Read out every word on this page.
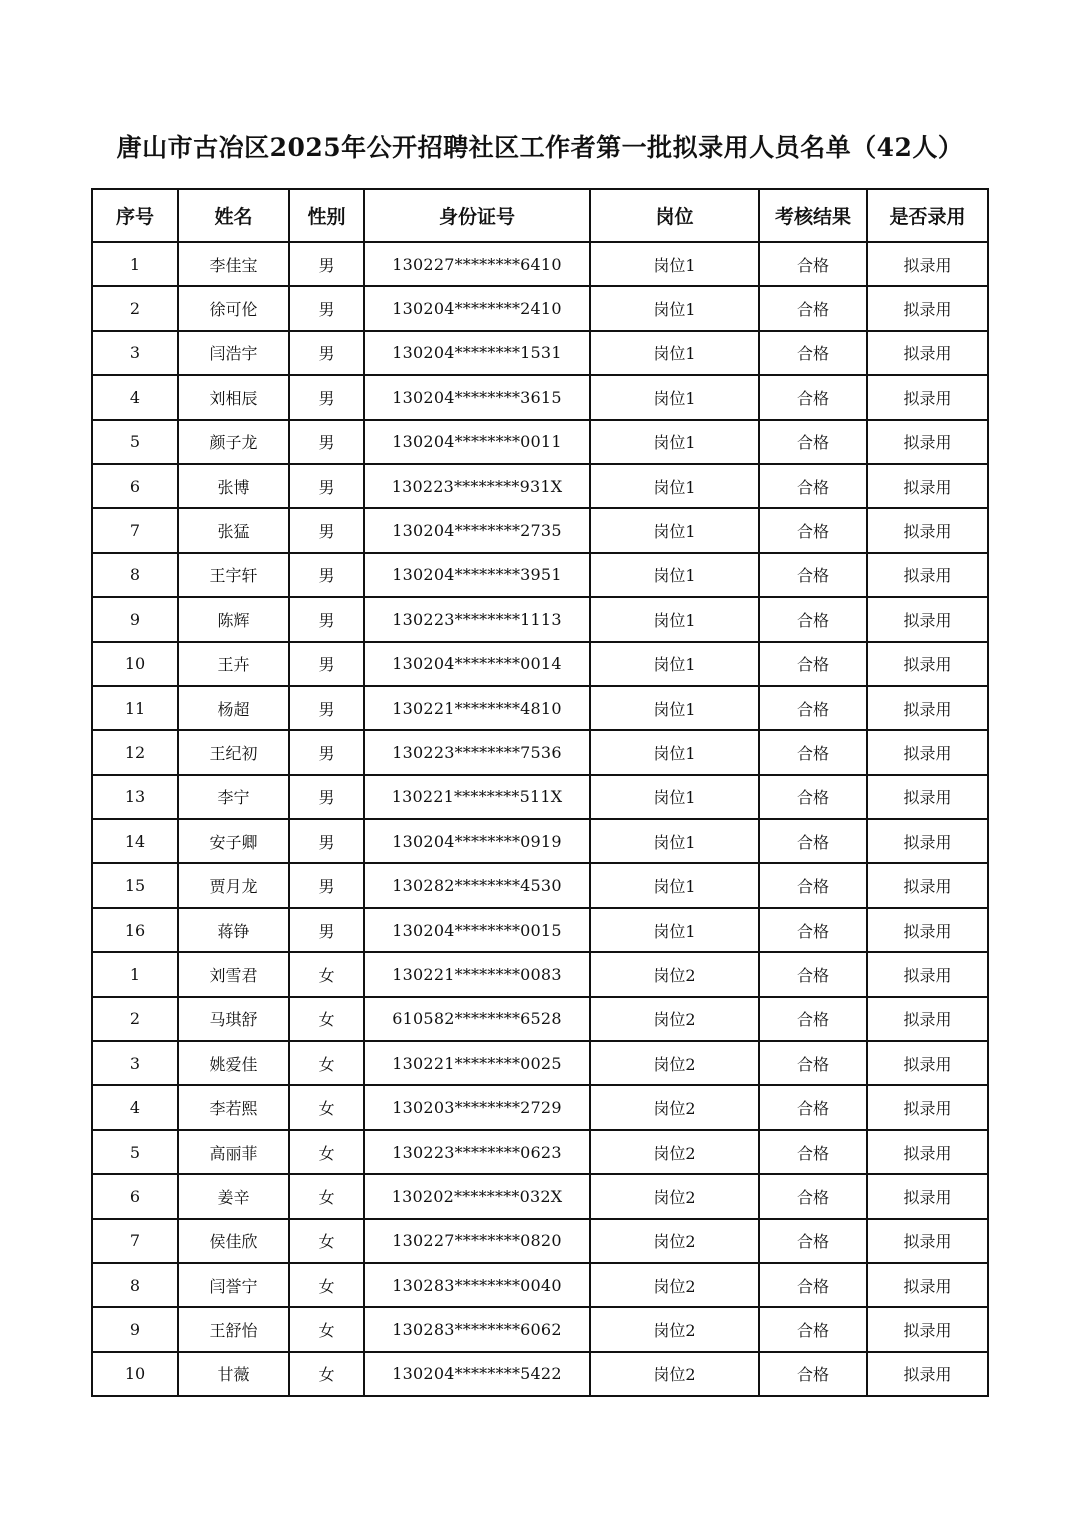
唐山市古冶区2025年公开招聘社区工作者第一批拟录用人员名单（42人）
序号	姓名	性别	身份证号	岗位	考核结果	是否录用
1	李佳宝	男	130227********6410	岗位1	合格	拟录用
2	徐可伦	男	130204********2410	岗位1	合格	拟录用
3	闫浩宇	男	130204********1531	岗位1	合格	拟录用
4	刘相辰	男	130204********3615	岗位1	合格	拟录用
5	颜子龙	男	130204********0011	岗位1	合格	拟录用
6	张博	男	130223********931X	岗位1	合格	拟录用
7	张猛	男	130204********2735	岗位1	合格	拟录用
8	王宇轩	男	130204********3951	岗位1	合格	拟录用
9	陈辉	男	130223********1113	岗位1	合格	拟录用
10	王卉	男	130204********0014	岗位1	合格	拟录用
11	杨超	男	130221********4810	岗位1	合格	拟录用
12	王纪初	男	130223********7536	岗位1	合格	拟录用
13	李宁	男	130221********511X	岗位1	合格	拟录用
14	安子卿	男	130204********0919	岗位1	合格	拟录用
15	贾月龙	男	130282********4530	岗位1	合格	拟录用
16	蒋铮	男	130204********0015	岗位1	合格	拟录用
1	刘雪君	女	130221********0083	岗位2	合格	拟录用
2	马琪舒	女	610582********6528	岗位2	合格	拟录用
3	姚爱佳	女	130221********0025	岗位2	合格	拟录用
4	李若熙	女	130203********2729	岗位2	合格	拟录用
5	高丽菲	女	130223********0623	岗位2	合格	拟录用
6	姜辛	女	130202********032X	岗位2	合格	拟录用
7	侯佳欣	女	130227********0820	岗位2	合格	拟录用
8	闫誉宁	女	130283********0040	岗位2	合格	拟录用
9	王舒怡	女	130283********6062	岗位2	合格	拟录用
10	甘薇	女	130204********5422	岗位2	合格	拟录用
